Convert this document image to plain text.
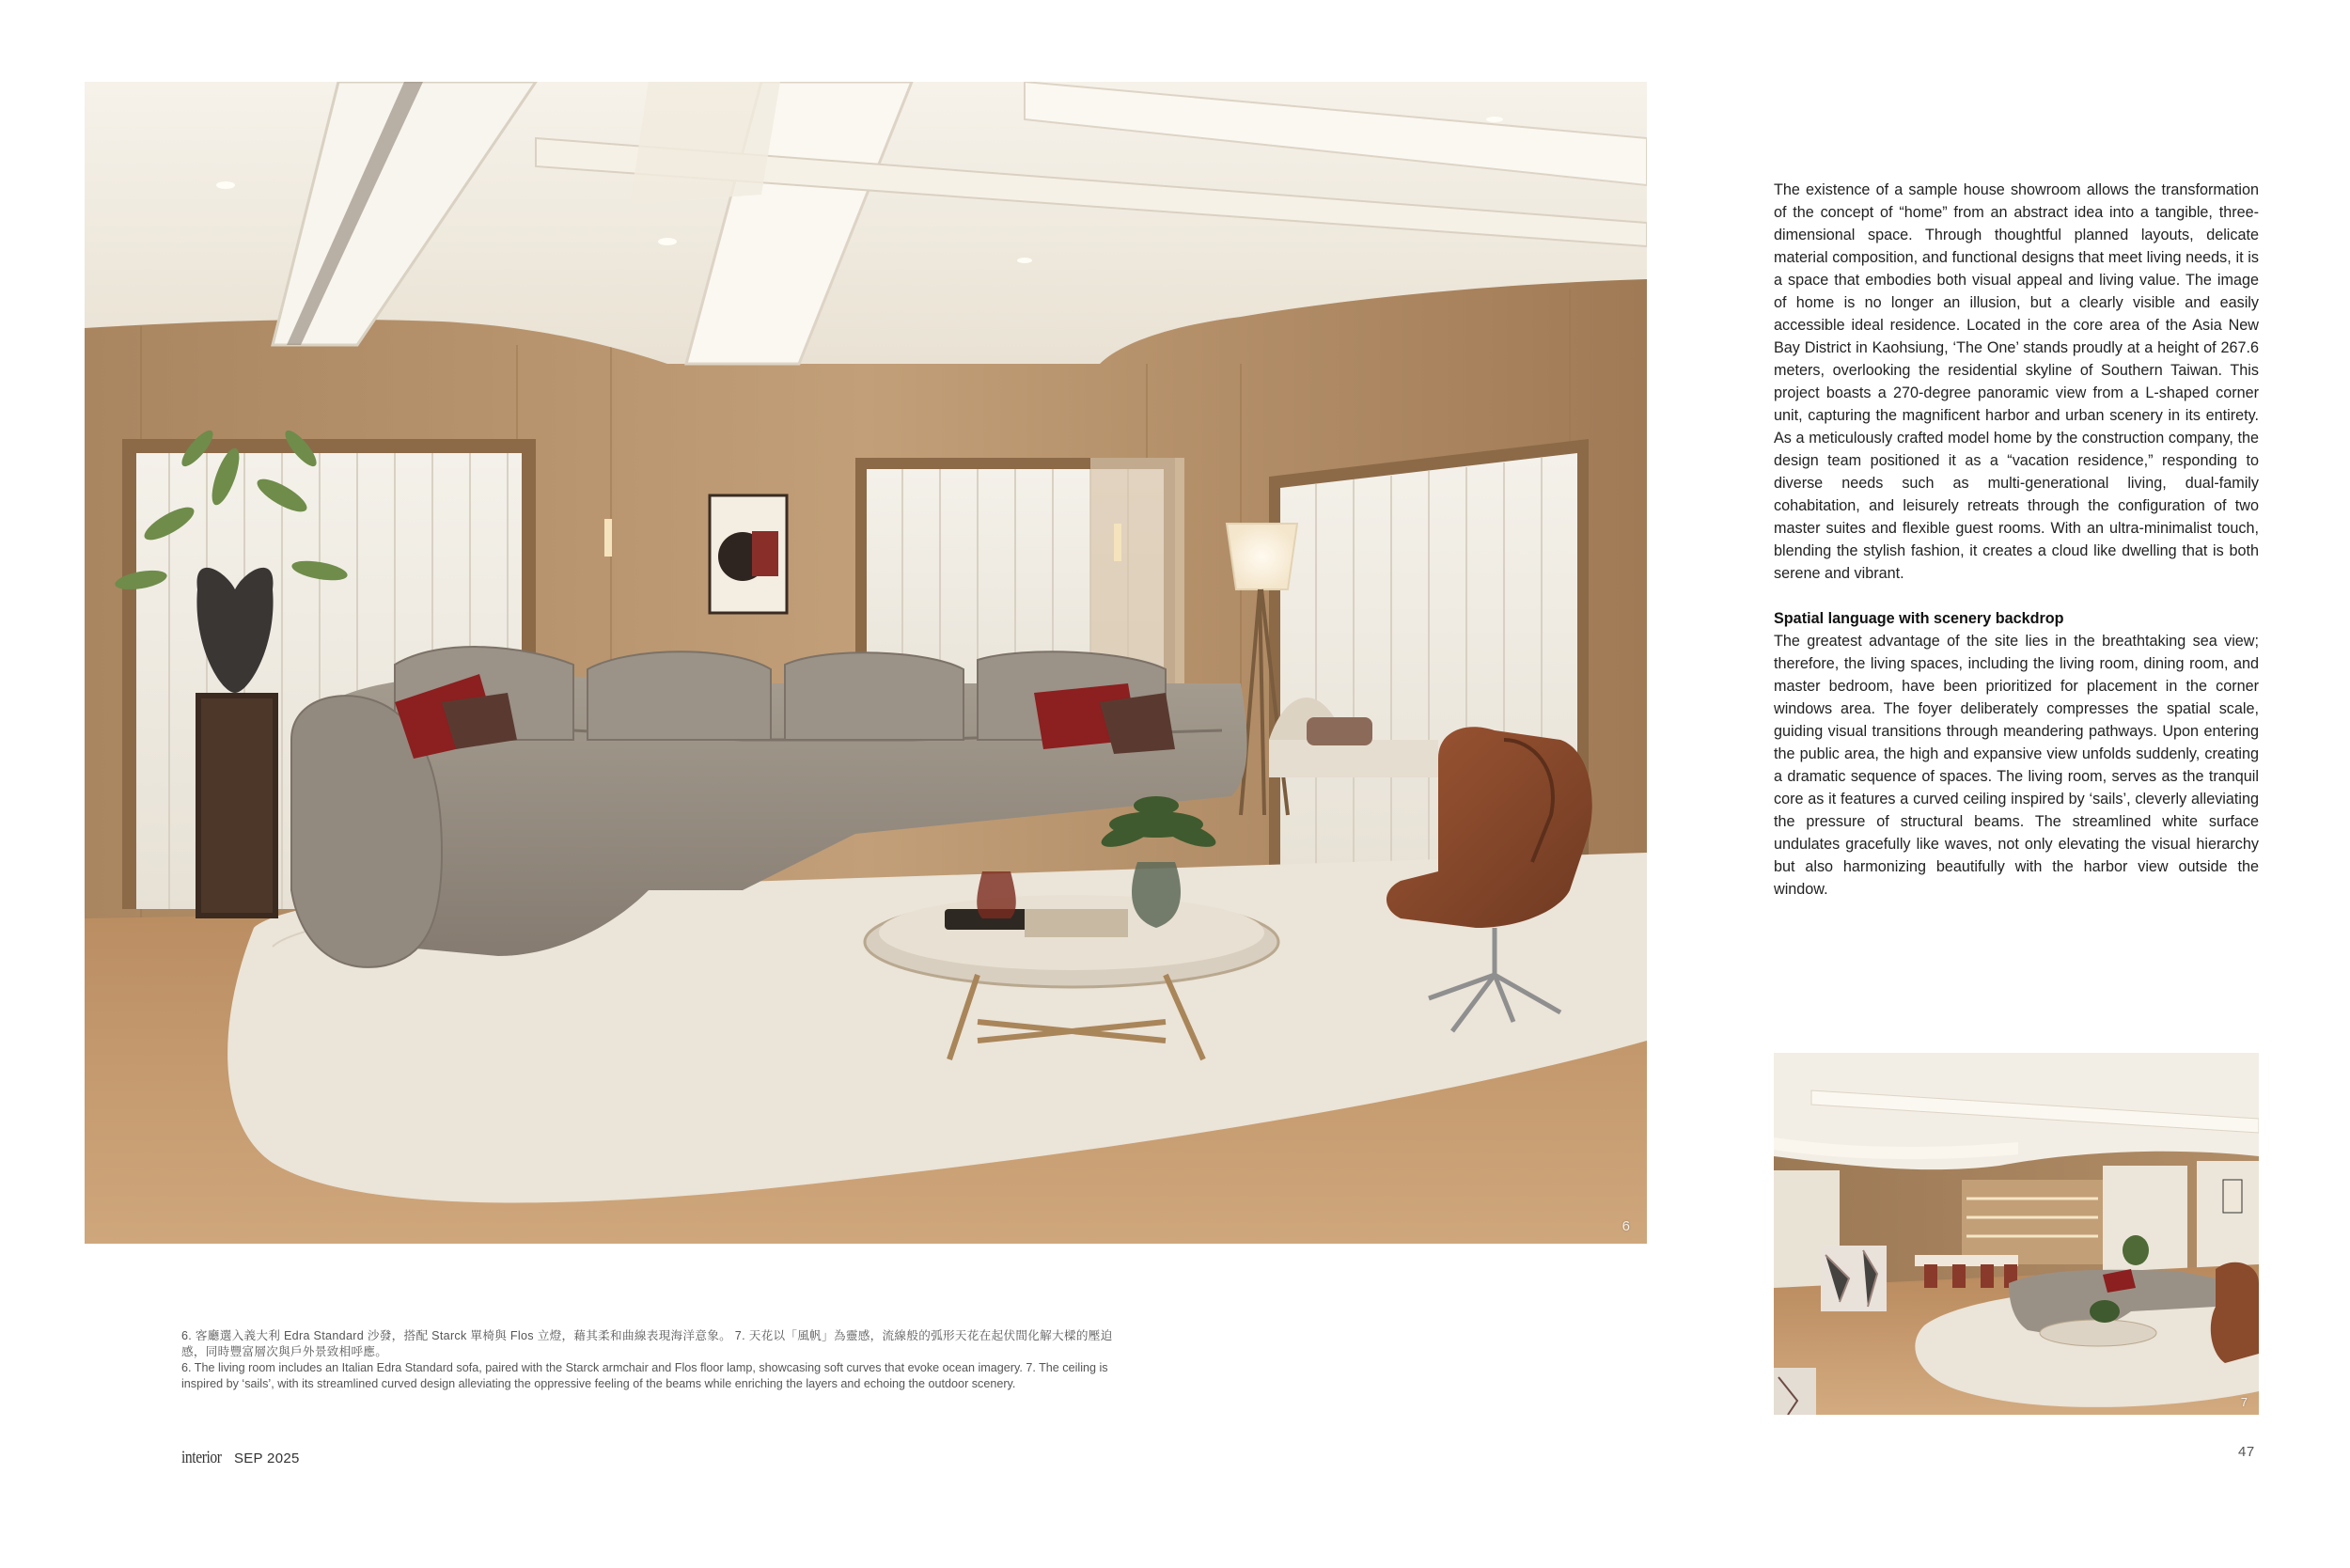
6

The existence of a sample house showroom allows the transformation of the concept of “home” from an abstract idea into a tangible, three-dimensional space. Through thoughtful planned layouts, delicate material composition, and functional designs that meet living needs, it is a space that embodies both visual appeal and living value. The image of home is no longer an illusion, but a clearly visible and easily accessible ideal residence. Located in the core area of the Asia New Bay District in Kaohsiung, ‘The One’ stands proudly at a height of 267.6 meters, overlooking the residential skyline of Southern Taiwan. This project boasts a 270-degree panoramic view from a L-shaped corner unit, capturing the magnificent harbor and urban scenery in its entirety. As a meticulously crafted model home by the construction company, the design team positioned it as a “vacation residence,” responding to diverse needs such as multi-generational living, dual-family cohabitation, and leisurely retreats through the configuration of two master suites and flexible guest rooms. With an ultra-minimalist touch, blending the stylish fashion, it creates a cloud like dwelling that is both serene and vibrant.

Spatial language with scenery backdrop

The greatest advantage of the site lies in the breathtaking sea view; therefore, the living spaces, including the living room, dining room, and master bedroom, have been prioritized for placement in the corner windows area. The foyer deliberately compresses the spatial scale, guiding visual transitions through meandering pathways. Upon entering the public area, the high and expansive view unfolds suddenly, creating a dramatic sequence of spaces. The living room, serves as the tranquil core as it features a curved ceiling inspired by ‘sails’, cleverly alleviating the pressure of structural beams. The streamlined white surface undulates gracefully like waves, not only elevating the visual hierarchy but also harmonizing beautifully with the harbor view outside the window.

7

6. 客廳選入義大利 Edra Standard 沙發，搭配 Starck 單椅與 Flos 立燈，藉其柔和曲線表現海洋意象。 7. 天花以「風帆」為靈感，流線般的弧形天花在起伏間化解大樑的壓迫感，同時豐富層次與戶外景致相呼應。

6. The living room includes an Italian Edra Standard sofa, paired with the Starck armchair and Flos floor lamp, showcasing soft curves that evoke ocean imagery. 7. The ceiling is inspired by ‘sails’, with its streamlined curved design alleviating the oppressive feeling of the beams while enriching the layers and echoing the outdoor scenery.

interior SEP 2025	47
